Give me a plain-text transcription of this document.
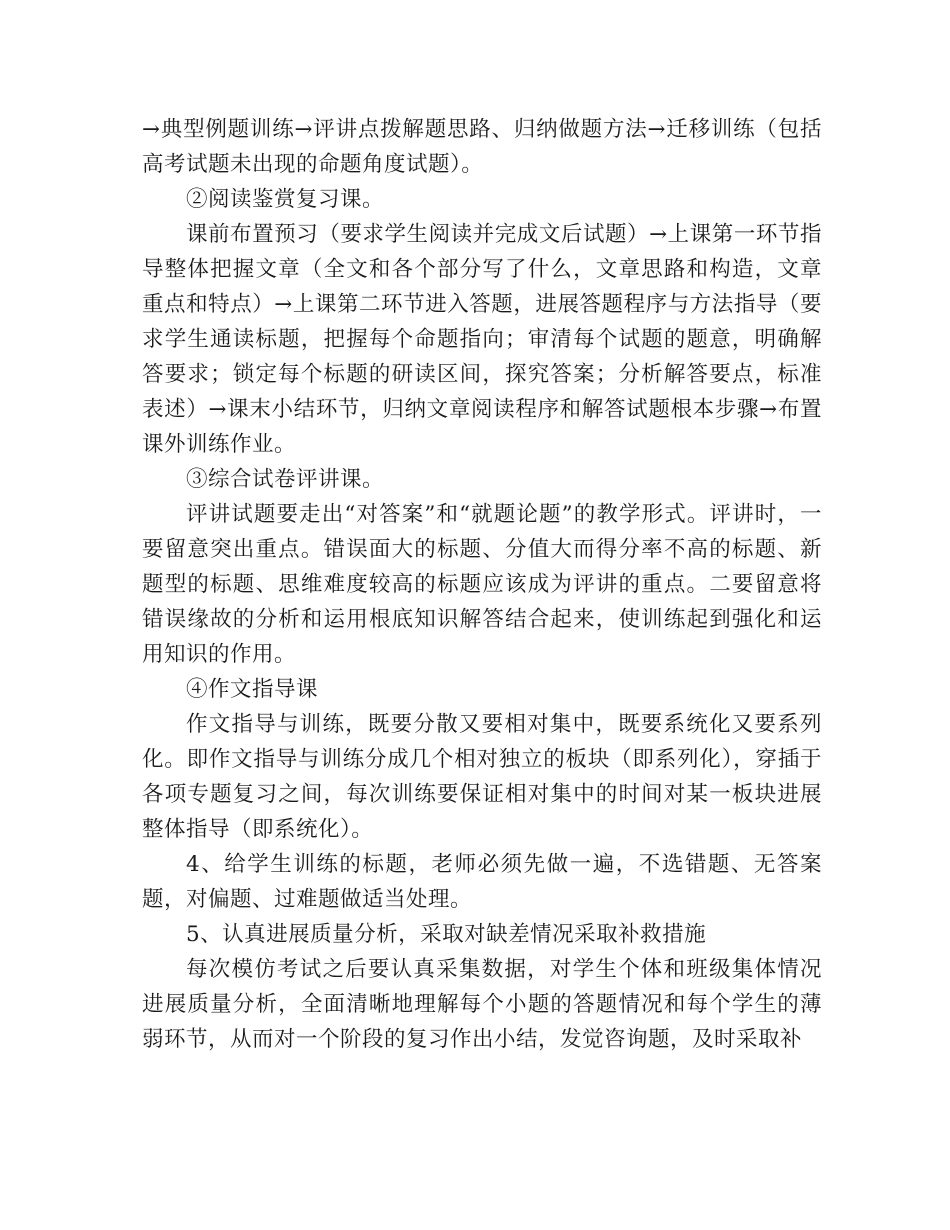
→典型例题训练→评讲点拨解题思路、归纳做题方法→迁移训练（包括高考试题未出现的命题角度试题）。

②阅读鉴赏复习课。

课前布置预习（要求学生阅读并完成文后试题）→上课第一环节指导整体把握文章（全文和各个部分写了什么，文章思路和构造，文章重点和特点）→上课第二环节进入答题，进展答题程序与方法指导（要求学生通读标题，把握每个命题指向；审清每个试题的题意，明确解答要求；锁定每个标题的研读区间，探究答案；分析解答要点，标准表述）→课末小结环节，归纳文章阅读程序和解答试题根本步骤→布置课外训练作业。

③综合试卷评讲课。

评讲试题要走出“对答案”和“就题论题”的教学形式。评讲时，一要留意突出重点。错误面大的标题、分值大而得分率不高的标题、新题型的标题、思维难度较高的标题应该成为评讲的重点。二要留意将错误缘故的分析和运用根底知识解答结合起来，使训练起到强化和运用知识的作用。

④作文指导课

作文指导与训练，既要分散又要相对集中，既要系统化又要系列化。即作文指导与训练分成几个相对独立的板块（即系列化），穿插于各项专题复习之间，每次训练要保证相对集中的时间对某一板块进展整体指导（即系统化）。

4、给学生训练的标题，老师必须先做一遍，不选错题、无答案题，对偏题、过难题做适当处理。

5、认真进展质量分析，采取对缺差情况采取补救措施

每次模仿考试之后要认真采集数据，对学生个体和班级集体情况进展质量分析，全面清晰地理解每个小题的答题情况和每个学生的薄弱环节，从而对一个阶段的复习作出小结，发觉咨询题，及时采取补
